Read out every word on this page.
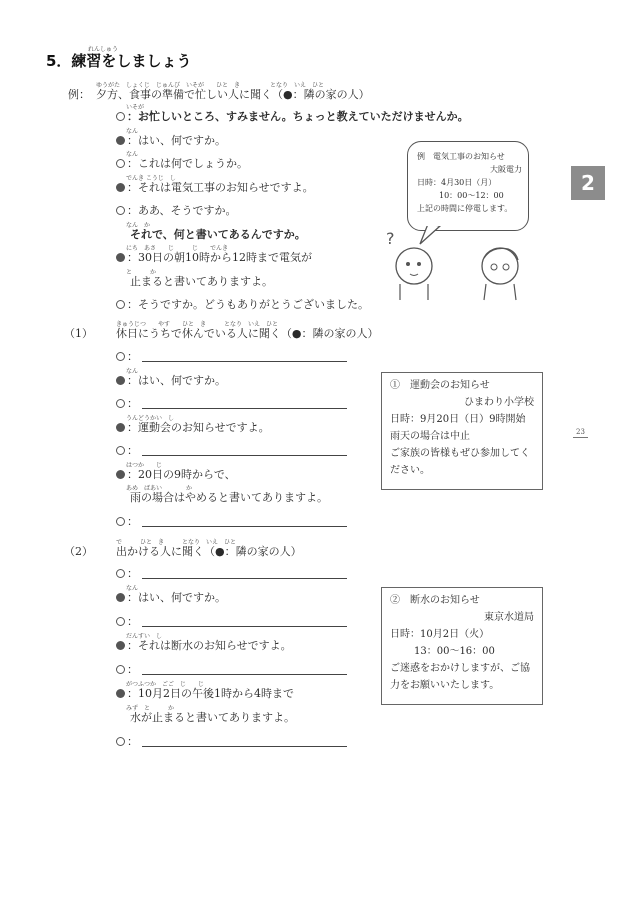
れんしゅう
5．練習をしましょう
2
23
ゆうがた　しょくじ　じゅんび　いそが　　ひと　き　　　　　となり　いえ　ひと
例： 夕方、食事の準備で忙しい人に聞く（●：隣の家の人）
いそが
：お忙しいところ、すみません。ちょっと教えていただけませんか。
なん
：はい、何ですか。
なん
：これは何でしょうか。
でんき こうじ　し
：それは電気工事のお知らせですよ。
：ああ、そうですか。
なん　か
それで、何と書いてあるんですか。
にち　あさ　　じ　　　じ　　でんき
：30日の朝10時から12時まで電気が
と　　　か
止まると書いてありますよ。
：そうですか。どうもありがとうございました。
例　電気工事のお知らせ
大阪電力
日時：4月30日（月）
10：00〜12：00
上記の時間に停電します。
?
きゅうじつ　　やす　　ひと　き　　　となり　いえ　ひと
（1） 休日にうちで休んでいる人に聞く（●：隣の家の人）
：
なん
：はい、何ですか。
：
うんどうかい　し
：運動会のお知らせですよ。
：
はつか　　じ
：20日の9時からで、
あめ　ばあい　　　　か
雨の場合はやめると書いてありますよ。
：
①　運動会のお知らせ
ひまわり小学校
日時：9月20日（日）9時開始
雨天の場合は中止
ご家族の皆様もぜひ参加してく
ださい。
で　　　ひと　き　　　となり　いえ　ひと
（2） 出かける人に聞く（●：隣の家の人）
：
なん
：はい、何ですか。
：
だんすい　し
：それは断水のお知らせですよ。
：
がつふつか　ごご　じ　　じ
：10月2日の午後1時から4時まで
みず　と　　　か
水が止まると書いてありますよ。
：
②　断水のお知らせ
東京水道局
日時：10月2日（火）
13：00〜16：00
ご迷惑をおかけしますが、ご協
力をお願いいたします。
